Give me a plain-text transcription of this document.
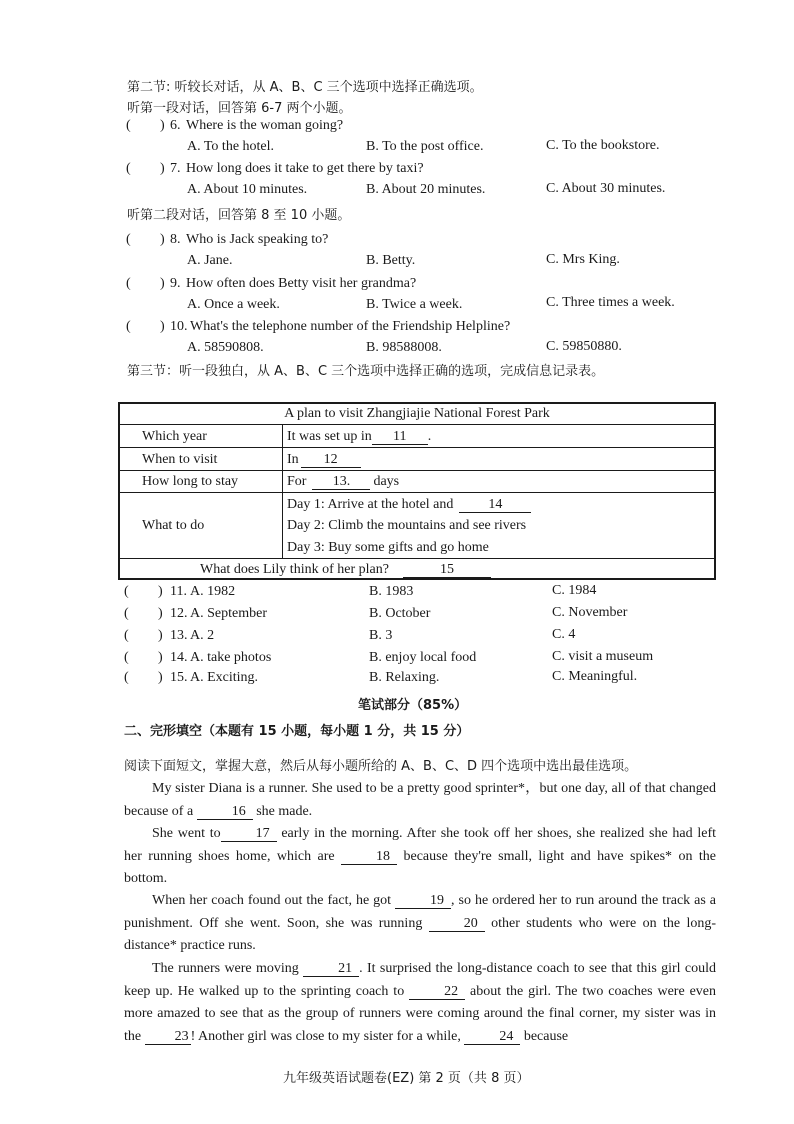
第二节: 听较长对话，从 A、B、C 三个选项中选择正确选项。
听第一段对话，回答第 6-7 两个小题。
( ) 6. Where is the woman going?
A. To the hotel.	B. To the post office.	C. To the bookstore.
( ) 7. How long does it take to get there by taxi?
A. About 10 minutes.	B. About 20 minutes.	C. About 30 minutes.
听第二段对话，回答第 8 至 10 小题。
( ) 8. Who is Jack speaking to?
A. Jane.	B. Betty.	C. Mrs King.
( ) 9. How often does Betty visit her grandma?
A. Once a week.	B. Twice a week.	C. Three times a week.
( ) 10. What's the telephone number of the Friendship Helpline?
A. 58590808.	B. 98588008.	C. 59850880.
第三节：听一段独白，从 A、B、C 三个选项中选择正确的选项，完成信息记录表。
A plan to visit Zhangjiajie National Forest Park
Which year	It was set up in 11 .
When to visit	In 12
How long to stay	For 13. days
What to do
Day 1: Arrive at the hotel and	14
Day 2: Climb the mountains and see rivers
Day 3: Buy some gifts and go home
What does Lily think of her plan?	15
( ) 11. A. 1982	B. 1983	C. 1984
( ) 12. A. September	B. October	C. November
( ) 13. A. 2	B. 3	C. 4
( ) 14. A. take photos	B. enjoy local food	C. visit a museum
( ) 15. A. Exciting.	B. Relaxing.	C. Meaningful.
笔试部分（85%）
二、完形填空（本题有 15 小题，每小题 1 分，共 15 分）
阅读下面短文，掌握大意，然后从每小题所给的 A、B、C、D 四个选项中选出最佳选项。
My sister Diana is a runner. She used to be a pretty good sprinter*，but one day, all of that changed because of a	16 she made.
She went to	17 early in the morning. After she took off her shoes, she realized she had left her running shoes home, which are	18 because they're small, light and have spikes* on the bottom.
When her coach found out the fact, he got	19 , so he ordered her to run around the track as a punishment. Off she went. Soon, she was running	20 other students who were on the long-distance* practice runs.
The runners were moving	21 . It surprised the long-distance coach to see that this girl could keep up. He walked up to the sprinting coach to	22 about the girl. The two coaches were even more amazed to see that as the group of runners were coming around the final corner, my sister was in the 23 ! Another girl was close to my sister for a while,	24 because
九年级英语试题卷(EZ) 第 2 页（共 8 页）
